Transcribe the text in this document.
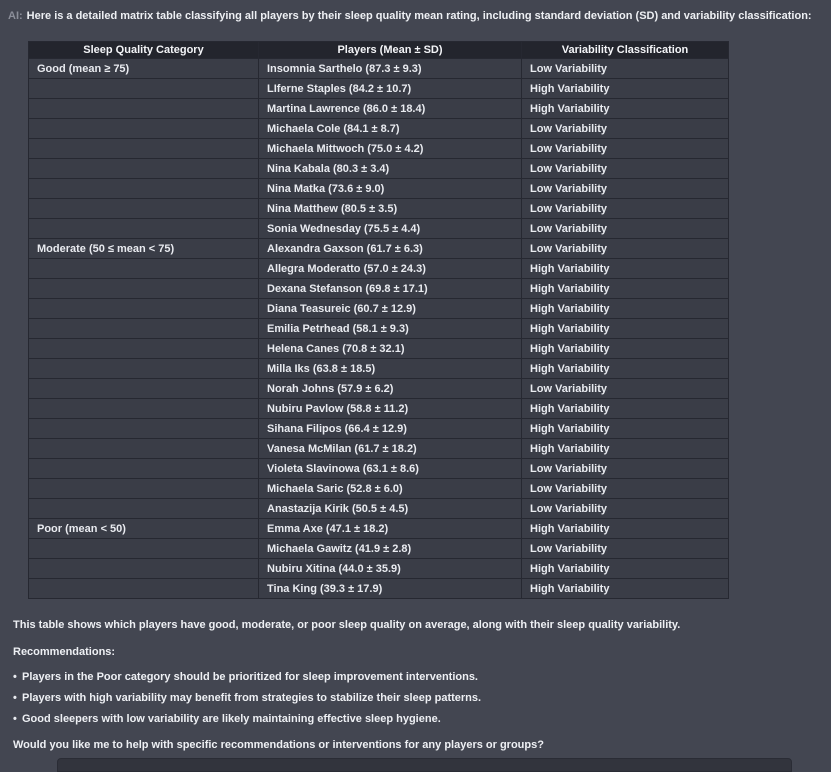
AI: Here is a detailed matrix table classifying all players by their sleep quality mean rating, including standard deviation (SD) and variability classification:
Sleep Quality Category	Players (Mean ± SD)	Variability Classification
Good (mean ≥ 75)	Insomnia Sarthelo (87.3 ± 9.3)	Low Variability
	LIferne Staples (84.2 ± 10.7)	High Variability
	Martina Lawrence (86.0 ± 18.4)	High Variability
	Michaela Cole (84.1 ± 8.7)	Low Variability
	Michaela Mittwoch (75.0 ± 4.2)	Low Variability
	Nina Kabala (80.3 ± 3.4)	Low Variability
	Nina Matka (73.6 ± 9.0)	Low Variability
	Nina Matthew (80.5 ± 3.5)	Low Variability
	Sonia Wednesday (75.5 ± 4.4)	Low Variability
Moderate (50 ≤ mean < 75)	Alexandra Gaxson (61.7 ± 6.3)	Low Variability
	Allegra Moderatto (57.0 ± 24.3)	High Variability
	Dexana Stefanson (69.8 ± 17.1)	High Variability
	Diana Teasureic (60.7 ± 12.9)	High Variability
	Emilia Petrhead (58.1 ± 9.3)	High Variability
	Helena Canes (70.8 ± 32.1)	High Variability
	Milla Iks (63.8 ± 18.5)	High Variability
	Norah Johns (57.9 ± 6.2)	Low Variability
	Nubiru Pavlow (58.8 ± 11.2)	High Variability
	Sihana Filipos (66.4 ± 12.9)	High Variability
	Vanesa McMilan (61.7 ± 18.2)	High Variability
	Violeta Slavinowa (63.1 ± 8.6)	Low Variability
	Michaela Saric (52.8 ± 6.0)	Low Variability
	Anastazija Kirik (50.5 ± 4.5)	Low Variability
Poor (mean < 50)	Emma Axe (47.1 ± 18.2)	High Variability
	Michaela Gawitz (41.9 ± 2.8)	Low Variability
	Nubiru Xitina (44.0 ± 35.9)	High Variability
	Tina King (39.3 ± 17.9)	High Variability
This table shows which players have good, moderate, or poor sleep quality on average, along with their sleep quality variability.
Recommendations:
• Players in the Poor category should be prioritized for sleep improvement interventions.
• Players with high variability may benefit from strategies to stabilize their sleep patterns.
• Good sleepers with low variability are likely maintaining effective sleep hygiene.
Would you like me to help with specific recommendations or interventions for any players or groups?
